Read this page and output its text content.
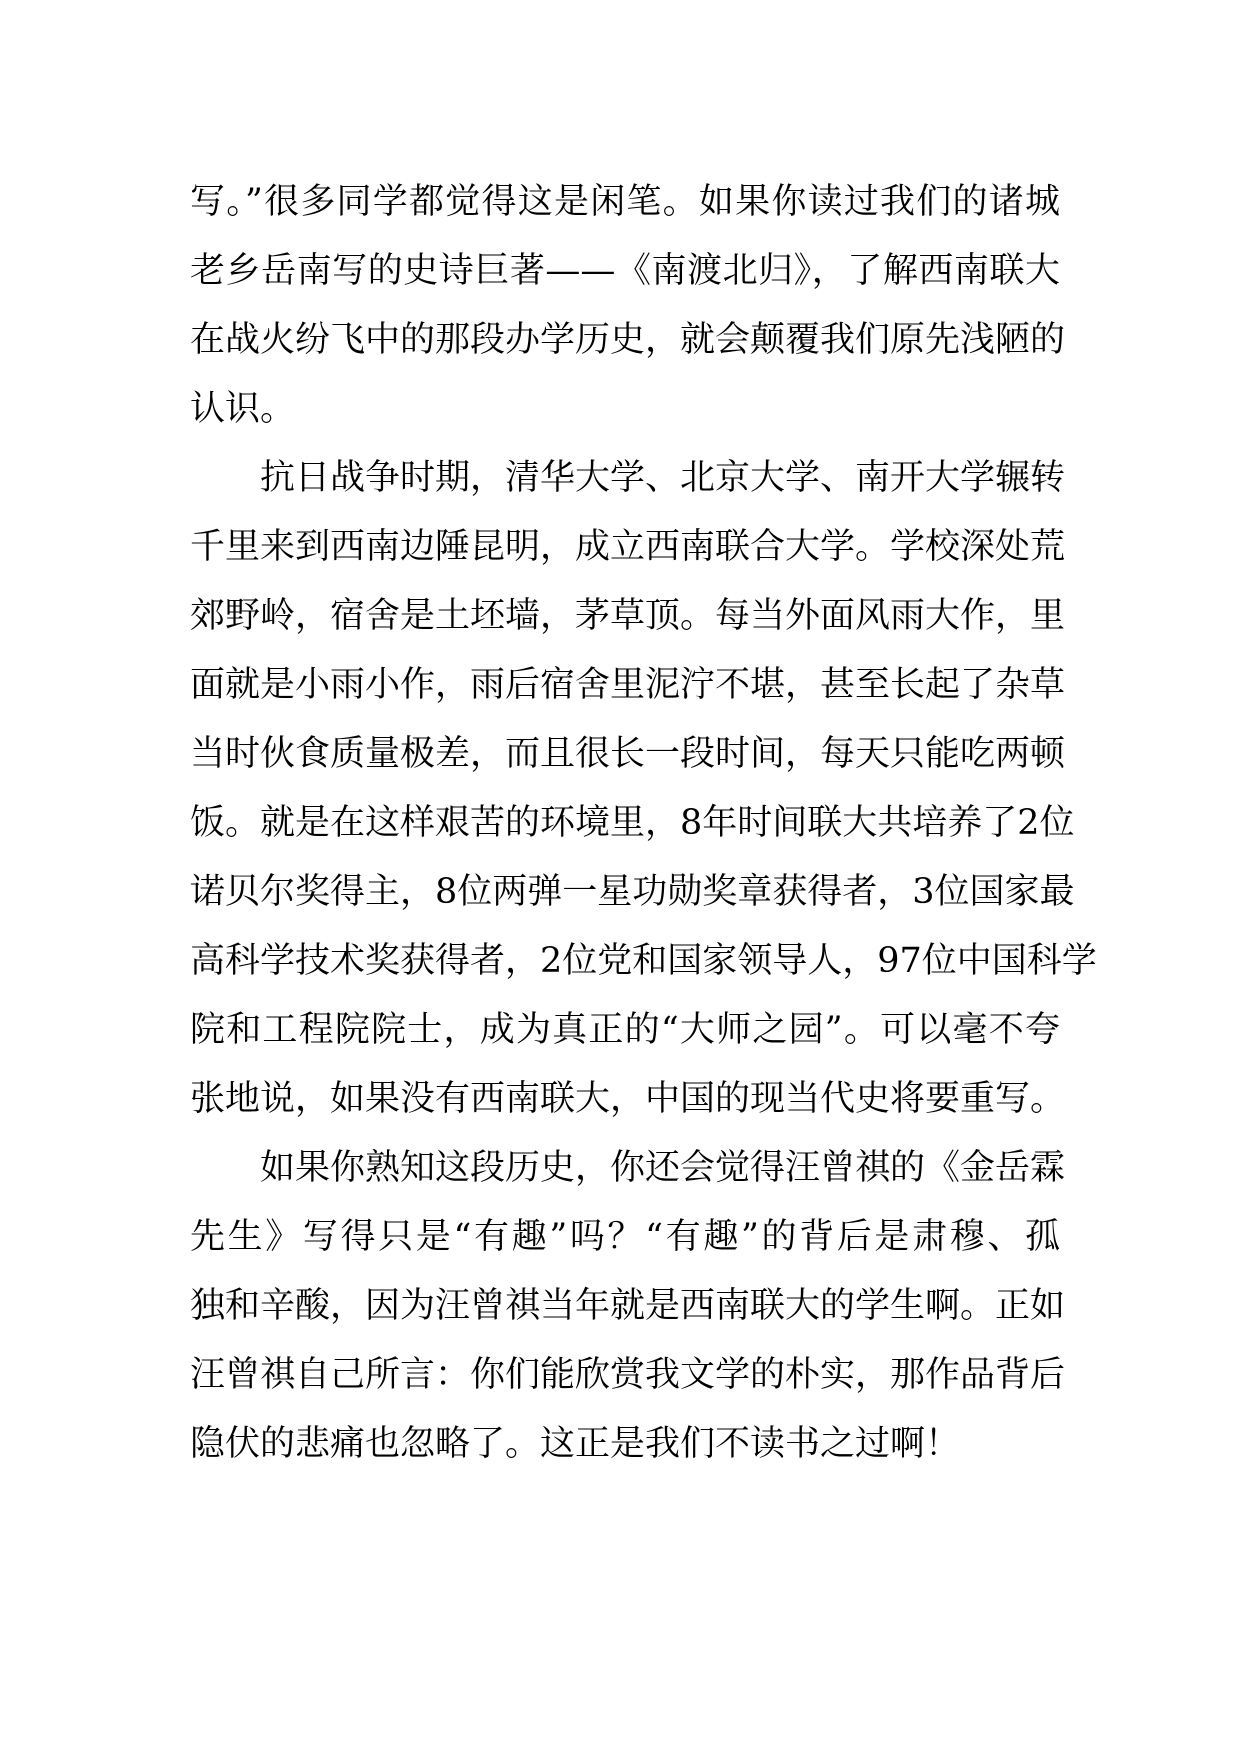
写。”很多同学都觉得这是闲笔。如果你读过我们的诸城
老乡岳南写的史诗巨著——《南渡北归》，了解西南联大
在战火纷飞中的那段办学历史，就会颠覆我们原先浅陋的
认识。

抗日战争时期，清华大学、北京大学、南开大学辗转
千里来到西南边陲昆明，成立西南联合大学。学校深处荒
郊野岭，宿舍是土坯墙，茅草顶。每当外面风雨大作，里
面就是小雨小作，雨后宿舍里泥泞不堪，甚至长起了杂草
当时伙食质量极差，而且很长一段时间，每天只能吃两顿
饭。就是在这样艰苦的环境里，8年时间联大共培养了2位
诺贝尔奖得主，8位两弹一星功勋奖章获得者，3位国家最
高科学技术奖获得者，2位党和国家领导人，97位中国科学
院和工程院院士，成为真正的“大师之园”。可以毫不夸
张地说，如果没有西南联大，中国的现当代史将要重写。

如果你熟知这段历史，你还会觉得汪曾祺的《金岳霖
先生》写得只是“有趣”吗？“有趣”的背后是肃穆、孤
独和辛酸，因为汪曾祺当年就是西南联大的学生啊。正如
汪曾祺自己所言：你们能欣赏我文学的朴实，那作品背后
隐伏的悲痛也忽略了。这正是我们不读书之过啊！
